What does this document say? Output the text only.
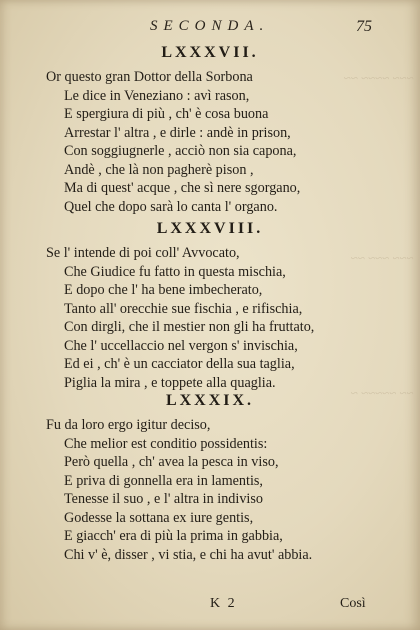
~~~ ~~~~ ~~
~~~ ~~~ ~~
~~ ~~~~~ ~
SECONDA.	75
LXXXVII.
Or questo gran Dottor della Sorbona
Le dice in Veneziano : avì rason,
E spergiura di più , ch' è cosa buona
Arrestar l' altra , e dirle : andè in prison,
Con soggiugnerle , acciò non sia capona,
Andè , che là non pagherè pison ,
Ma di quest' acque , che sì nere sgorgano,
Quel che dopo sarà lo canta l' organo.
LXXXVIII.
Se l' intende di poi coll' Avvocato,
Che Giudice fu fatto in questa mischia,
E dopo che l' ha bene imbecherato,
Tanto all' orecchie sue fischia , e rifischia,
Con dirgli, che il mestier non gli ha fruttato,
Che l' uccellaccio nel vergon s' invischia,
Ed ei , ch' è un cacciator della sua taglia,
Piglia la mira , e toppete alla quaglia.
LXXXIX.
Fu da loro ergo igitur deciso,
Che melior est conditio possidentis:
Però quella , ch' avea la pesca in viso,
E priva di gonnella era in lamentis,
Tenesse il suo , e l' altra in indiviso
Godesse la sottana ex iure gentis,
E giacch' era di più la prima in gabbia,
Chi v' è, disser , vi stia, e chi ha avut' abbia.
K 2	Così
